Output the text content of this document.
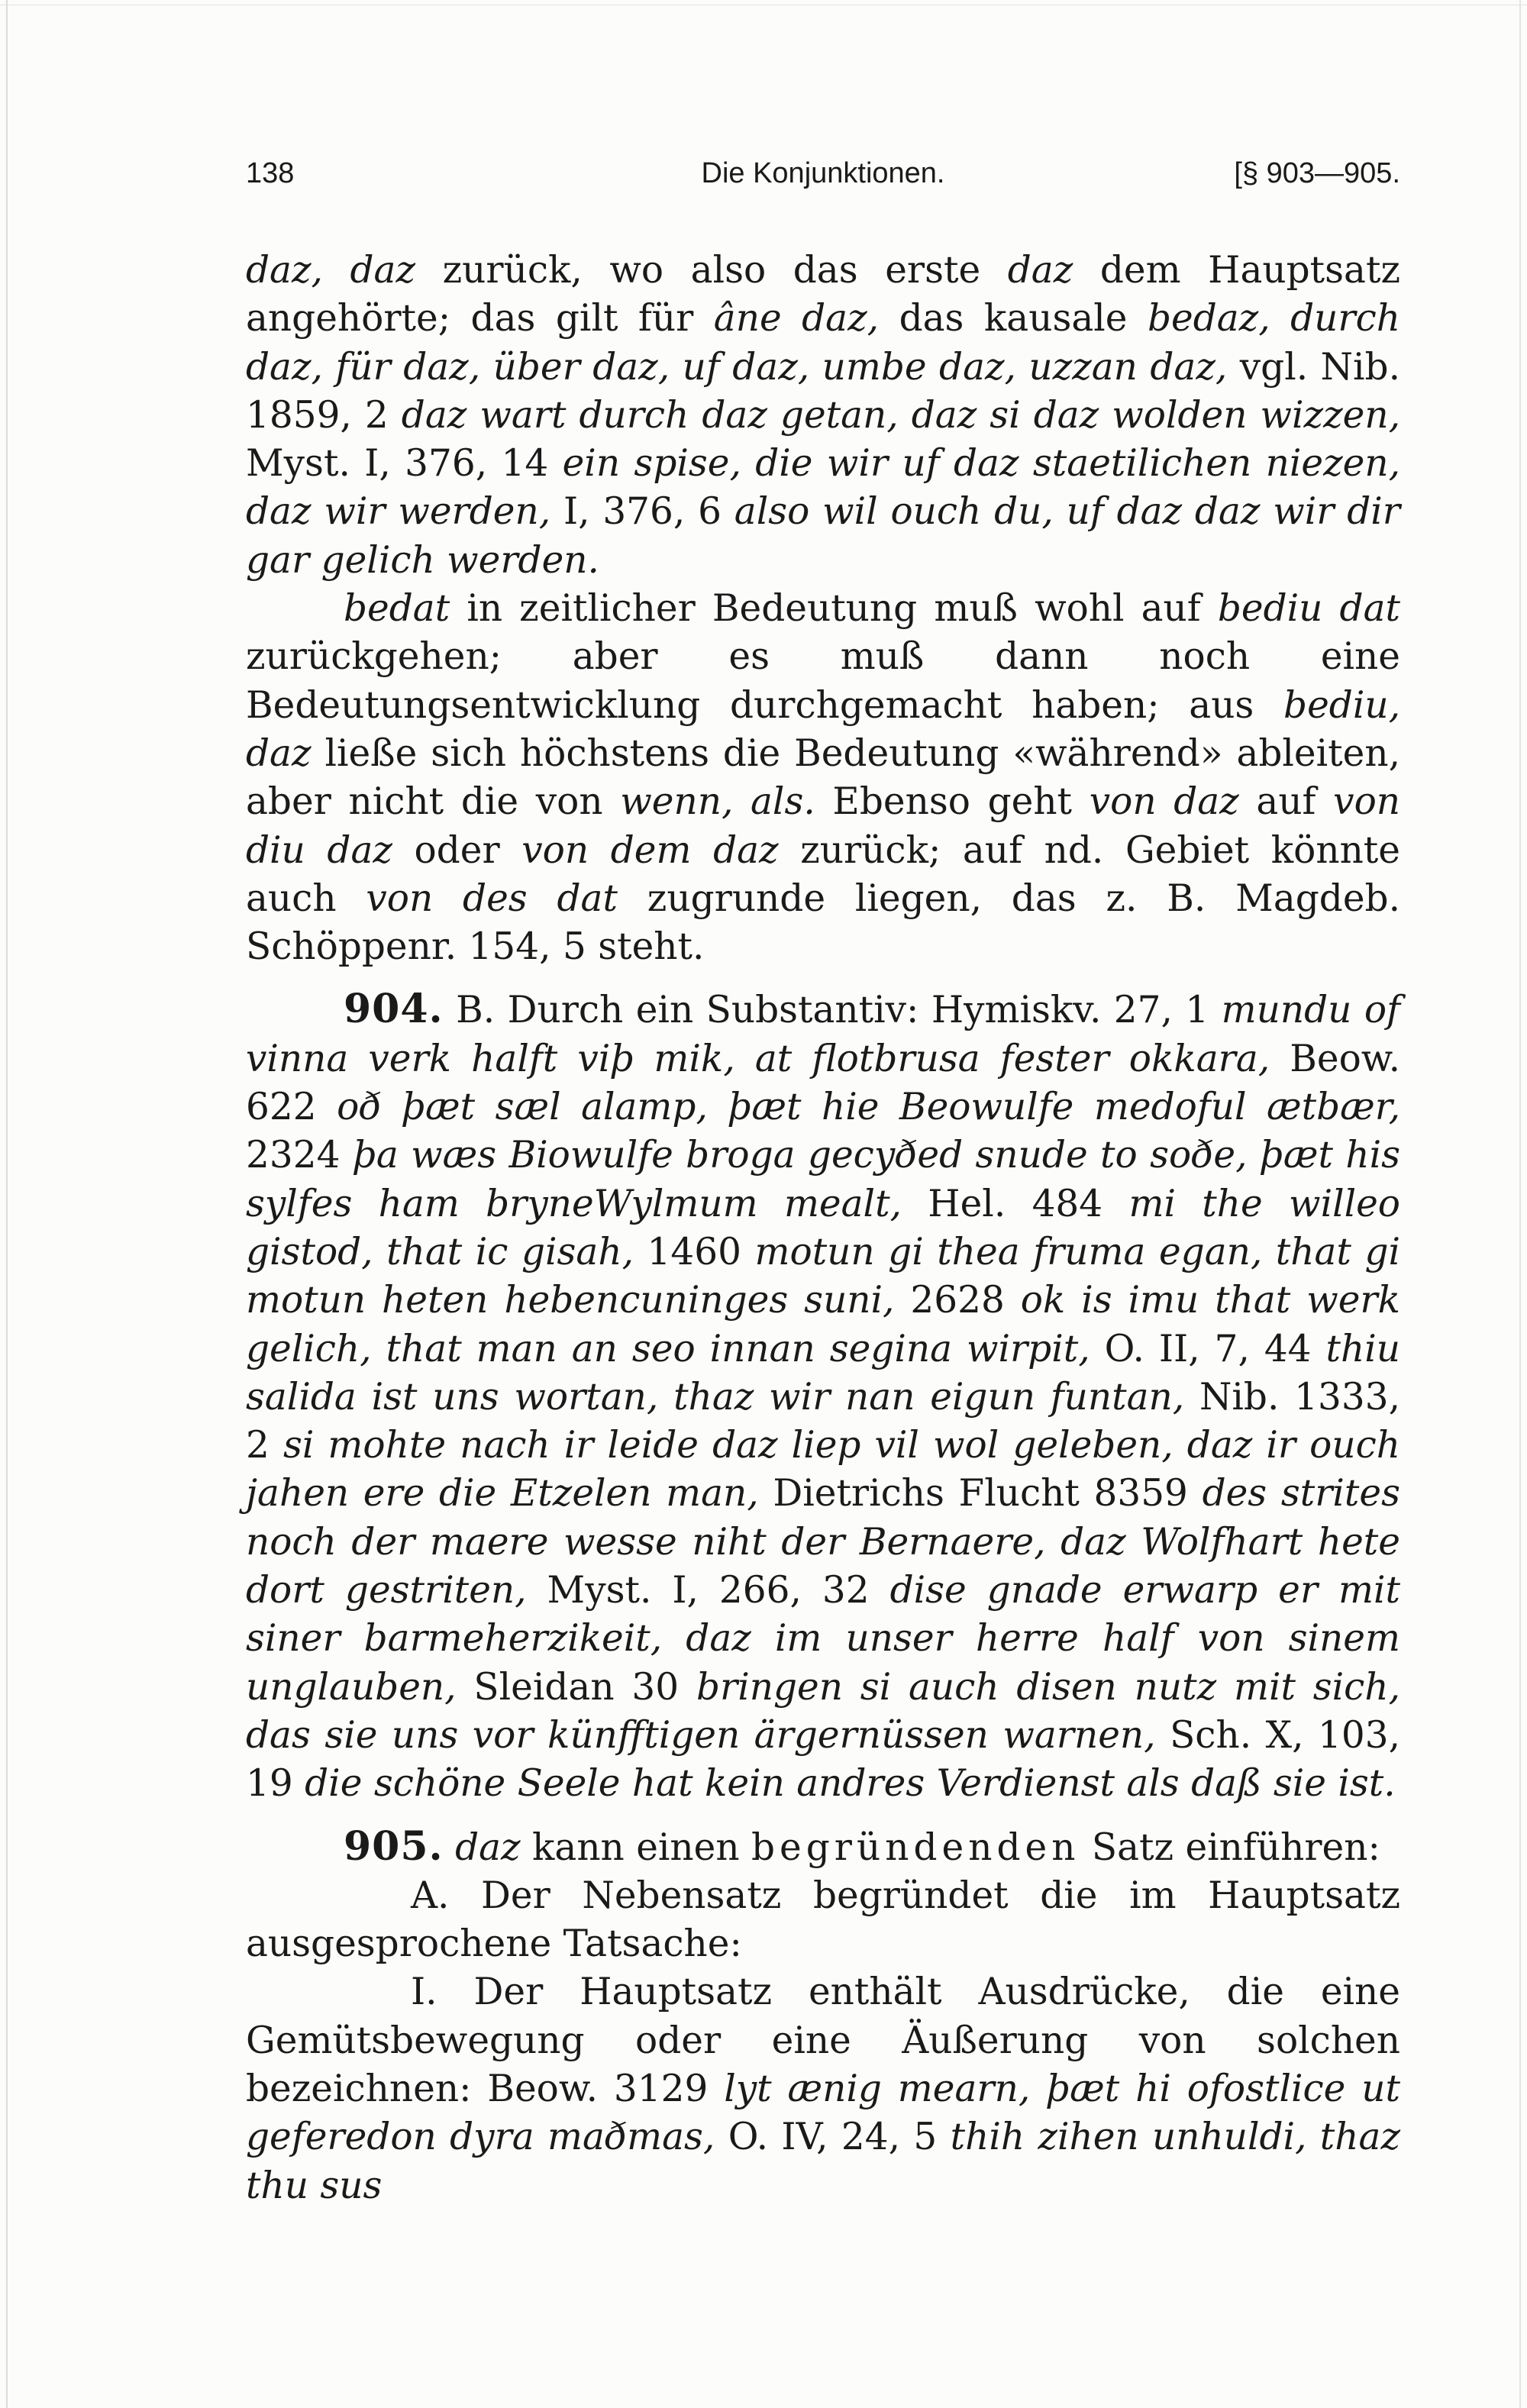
Die Konjunktionen.
138	[§ 903—905.

daz, daz zurück, wo also das erste daz dem Hauptsatz angehörte; das gilt für âne daz, das kausale bedaz, durch daz, für daz, über daz, uf daz, umbe daz, uzzan daz, vgl. Nib. 1859, 2 daz wart durch daz getan, daz si daz wolden wizzen, Myst. I, 376, 14 ein spise, die wir uf daz staetilichen niezen, daz wir werden, I, 376, 6 also wil ouch du, uf daz daz wir dir gar gelich werden.

bedat in zeitlicher Bedeutung muß wohl auf bediu dat zurückgehen; aber es muß dann noch eine Bedeutungsentwicklung durchgemacht haben; aus bediu, daz ließe sich höchstens die Bedeutung «während» ableiten, aber nicht die von wenn, als. Ebenso geht von daz auf von diu daz oder von dem daz zurück; auf nd. Gebiet könnte auch von des dat zugrunde liegen, das z. B. Magdeb. Schöppenr. 154, 5 steht.

904. B. Durch ein Substantiv: Hymiskv. 27, 1 mundu of vinna verk halft viþ mik, at flotbrusa fester okkara, Beow. 622 oð þæt sæl alamp, þæt hie Beowulfe medoful ætbær, 2324 þa wæs Biowulfe broga gecyðed snude to soðe, þæt his sylfes ham bryneWylmum mealt, Hel. 484 mi the willeo gistod, that ic gisah, 1460 motun gi thea fruma egan, that gi motun heten hebencuninges suni, 2628 ok is imu that werk gelich, that man an seo innan segina wirpit, O. II, 7, 44 thiu salida ist uns wortan, thaz wir nan eigun funtan, Nib. 1333, 2 si mohte nach ir leide daz liep vil wol geleben, daz ir ouch jahen ere die Etzelen man, Dietrichs Flucht 8359 des strites noch der maere wesse niht der Bernaere, daz Wolfhart hete dort gestriten, Myst. I, 266, 32 dise gnade erwarp er mit siner barmeherzikeit, daz im unser herre half von sinem unglauben, Sleidan 30 bringen si auch disen nutz mit sich, das sie uns vor künfftigen ärgernüssen warnen, Sch. X, 103, 19 die schöne Seele hat kein andres Verdienst als daß sie ist.

905. daz kann einen begründenden Satz einführen:

A. Der Nebensatz begründet die im Hauptsatz ausgesprochene Tatsache:

I. Der Hauptsatz enthält Ausdrücke, die eine Gemütsbewegung oder eine Äußerung von solchen bezeichnen: Beow. 3129 lyt ænig mearn, þæt hi ofostlice ut geferedon dyra maðmas, O. IV, 24, 5 thih zihen unhuldi, thaz thu sus
